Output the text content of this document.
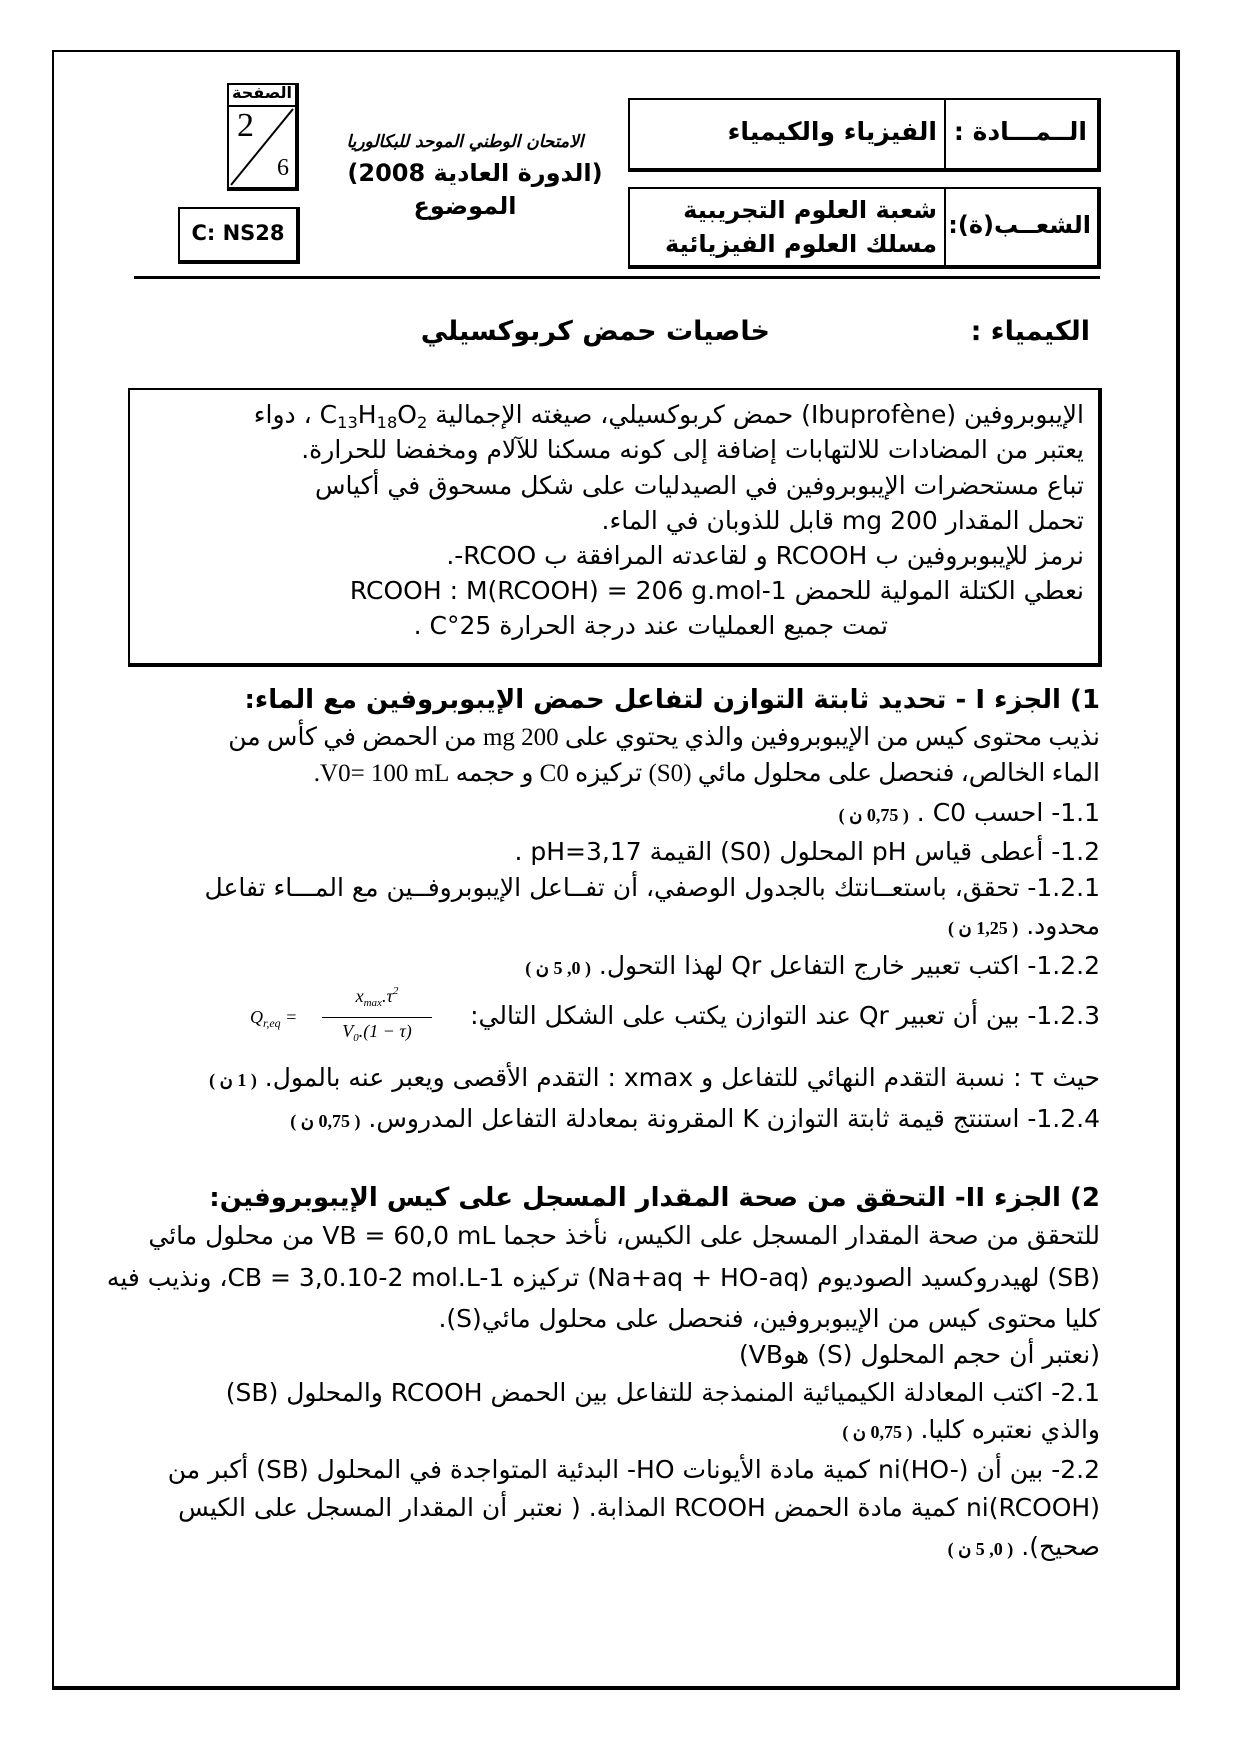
الصفحة
2
6
C: NS28
الامتحان الوطني الموحد للبكالوريا
(الدورة العادية 2008)
الموضوع
الــمـــادة :
الفيزياء والكيمياء
الشعــب(ة):
شعبة العلوم التجريبية
مسلك العلوم الفيزيائية
الكيمياء :
خاصيات حمض كربوكسيلي
الإيبوبروفين (Ibuprofène) حمض كربوكسيلي، صيغته الإجمالية $C_{13}H_{18}O_2$ ، دواء
يعتبر من المضادات للالتهابات إضافة إلى كونه مسكنا للآلام ومخفضا للحرارة.
تباع مستحضرات الإيبوبروفين في الصيدليات على شكل مسحوق في أكياس
تحمل المقدار 200 mg قابل للذوبان في الماء.
نرمز للإيبوبروفين ب RCOOH و لقاعدته المرافقة ب RCOO-.
نعطي الكتلة المولية للحمض RCOOH : M(RCOOH) = 206 g.mol-1
تمت جميع العمليات عند درجة الحرارة 25°C .
1) الجزء I - تحديد ثابتة التوازن لتفاعل حمض الإيبوبروفين مع الماء:
نذيب محتوى كيس من الإيبوبروفين والذي يحتوي على 200 mg من الحمض في كأس من
الماء الخالص، فنحصل على محلول مائي (S0) تركيزه C0 و حجمه V0= 100 mL.
1.1- احسب C0 . ( 0,75 ن )
1.2- أعطى قياس pH المحلول (S0) القيمة pH=3,17 .
1.2.1- تحقق، باستعــانتك بالجدول الوصفي، أن تفــاعل الإيبوبروفــين مع المـــاء تفاعل
محدود. ( 1,25 ن )
1.2.2- اكتب تعبير خارج التفاعل Qr لهذا التحول. ( 0, 5 ن )
1.2.3- بين أن تعبير Qr عند التوازن يكتب على الشكل التالي:
$Q_{r,eq}$ =
$x_{max}.\tau^2$
$V_0.(1 - \tau)$
حيث τ : نسبة التقدم النهائي للتفاعل و xmax : التقدم الأقصى ويعبر عنه بالمول. ( 1 ن )
1.2.4- استنتج قيمة ثابتة التوازن K المقرونة بمعادلة التفاعل المدروس. ( 0,75 ن )
2) الجزء II- التحقق من صحة المقدار المسجل على كيس الإيبوبروفين:
للتحقق من صحة المقدار المسجل على الكيس، نأخذ حجما VB = 60,0 mL من محلول مائي
(SB) لهيدروكسيد الصوديوم (Na+aq + HO-aq) تركيزه CB = 3,0.10-2 mol.L-1، ونذيب فيه
كليا محتوى كيس من الإيبوبروفين، فنحصل على محلول مائي(S).
(نعتبر أن حجم المحلول (S) هوVB)
2.1- اكتب المعادلة الكيميائية المنمذجة للتفاعل بين الحمض RCOOH والمحلول (SB)
والذي نعتبره كليا. ( 0,75 ن )
2.2- بين أن ni(HO-) كمية مادة الأيونات HO- البدئية المتواجدة في المحلول (SB) أكبر من
ni(RCOOH) كمية مادة الحمض RCOOH المذابة. ( نعتبر أن المقدار المسجل على الكيس
صحيح). ( 0, 5 ن )
